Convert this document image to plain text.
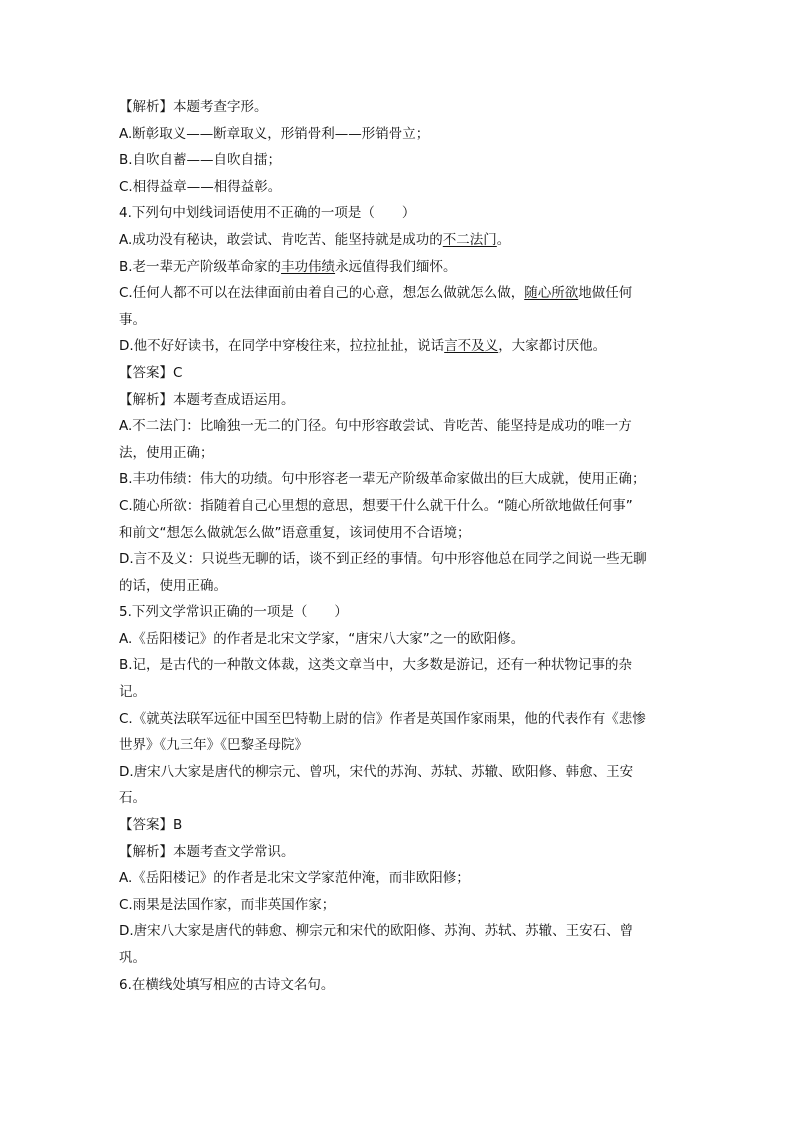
【解析】本题考查字形。
A.断彰取义——断章取义，形销骨利——形销骨立；
B.自吹自蓄——自吹自擂；
C.相得益章——相得益彰。
4.下列句中划线词语使用不正确的一项是（　　）
A.成功没有秘诀，敢尝试、肯吃苦、能坚持就是成功的不二法门。
B.老一辈无产阶级革命家的丰功伟绩永远值得我们缅怀。
C.任何人都不可以在法律面前由着自己的心意，想怎么做就怎么做，随心所欲地做任何
事。
D.他不好好读书，在同学中穿梭往来，拉拉扯扯，说话言不及义，大家都讨厌他。
【答案】C
【解析】本题考查成语运用。
A.不二法门：比喻独一无二的门径。句中形容敢尝试、肯吃苦、能坚持是成功的唯一方
法，使用正确；
B.丰功伟绩：伟大的功绩。句中形容老一辈无产阶级革命家做出的巨大成就，使用正确；
C.随心所欲：指随着自己心里想的意思，想要干什么就干什么。“随心所欲地做任何事”
和前文“想怎么做就怎么做”语意重复，该词使用不合语境；
D.言不及义：只说些无聊的话，谈不到正经的事情。句中形容他总在同学之间说一些无聊
的话，使用正确。
5.下列文学常识正确的一项是（　　）
A.《岳阳楼记》的作者是北宋文学家，“唐宋八大家”之一的欧阳修。
B.记，是古代的一种散文体裁，这类文章当中，大多数是游记，还有一种状物记事的杂
记。
C.《就英法联军远征中国至巴特勒上尉的信》作者是英国作家雨果，他的代表作有《悲惨
世界》《九三年》《巴黎圣母院》
D.唐宋八大家是唐代的柳宗元、曾巩，宋代的苏洵、苏轼、苏辙、欧阳修、韩愈、王安
石。
【答案】B
【解析】本题考查文学常识。
A.《岳阳楼记》的作者是北宋文学家范仲淹，而非欧阳修；
C.雨果是法国作家，而非英国作家；
D.唐宋八大家是唐代的韩愈、柳宗元和宋代的欧阳修、苏洵、苏轼、苏辙、王安石、曾
巩。
6.在横线处填写相应的古诗文名句。
